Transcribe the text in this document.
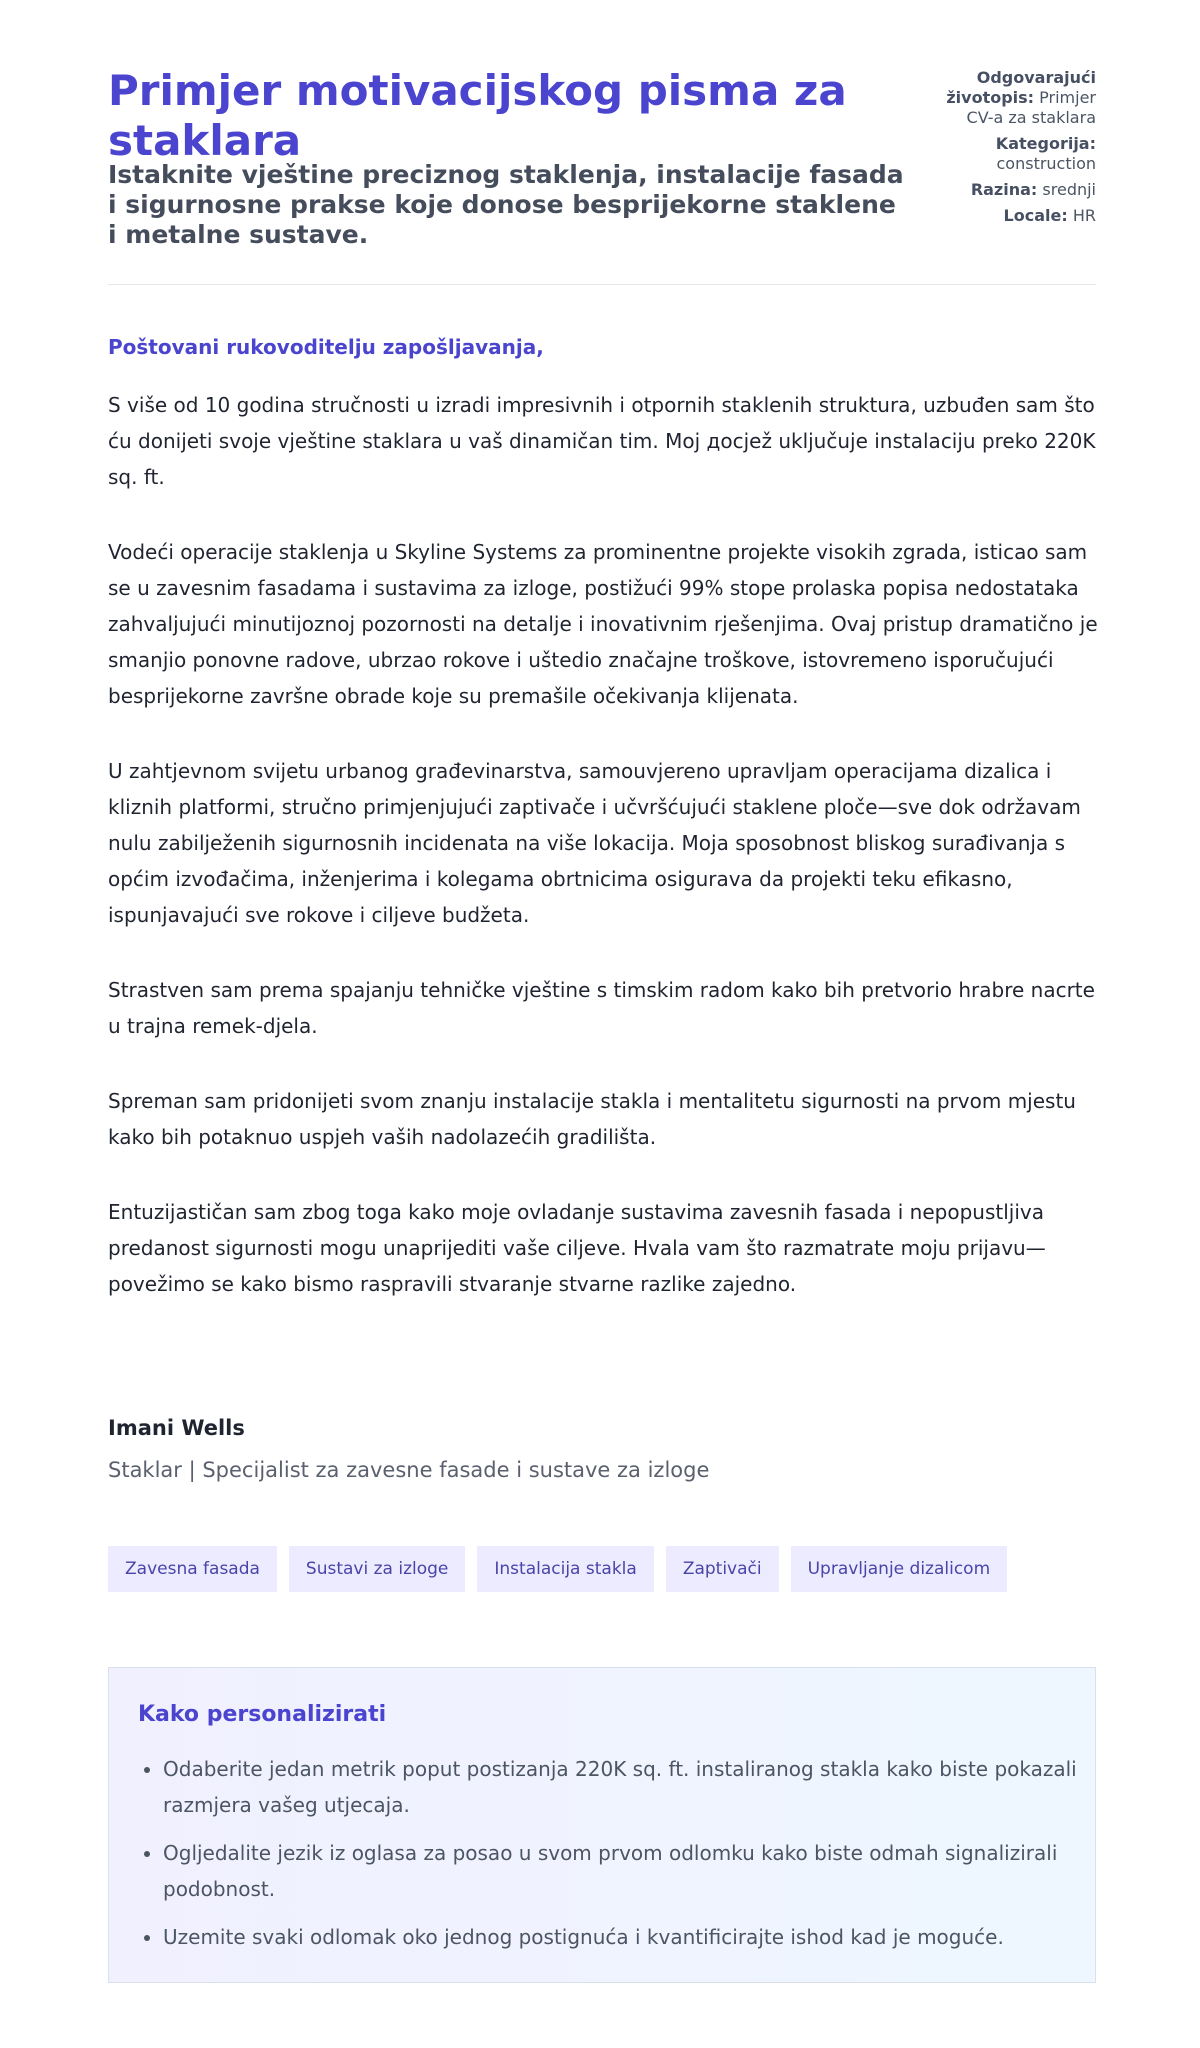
Primjer motivacijskog pisma za staklara
Istaknite vještine preciznog staklenja, instalacije fasada i sigurnosne prakse koje donose besprijekorne staklene i metalne sustave.
Odgovarajući životopis: Primjer CV-a za staklara
Kategorija:
construction
Razina: srednji
Locale: HR

Poštovani rukovoditelju zapošljavanja,

S više od 10 godina stručnosti u izradi impresivnih i otpornih staklenih struktura, uzbuđen sam što ću donijeti svoje vještine staklara u vaš dinamičan tim. Moj досjež uključuje instalaciju preko 220K sq. ft.

Vodeći operacije staklenja u Skyline Systems za prominentne projekte visokih zgrada, isticao sam se u zavesnim fasadama i sustavima za izloge, postižući 99% stope prolaska popisa nedostataka zahvaljujući minutijoznoj pozornosti na detalje i inovativnim rješenjima. Ovaj pristup dramatično je smanjio ponovne radove, ubrzao rokove i uštedio značajne troškove, istovremeno isporučujući besprijekorne završne obrade koje su premašile očekivanja klijenata.

U zahtjevnom svijetu urbanog građevinarstva, samouvjereno upravljam operacijama dizalica i kliznih platformi, stručno primjenjujući zaptivače i učvršćujući staklene ploče—sve dok održavam nulu zabilježenih sigurnosnih incidenata na više lokacija. Moja sposobnost bliskog surađivanja s općim izvođačima, inženjerima i kolegama obrtnicima osigurava da projekti teku efikasno, ispunjavajući sve rokove i ciljeve budžeta.

Strastven sam prema spajanju tehničke vještine s timskim radom kako bih pretvorio hrabre nacrte u trajna remek-djela.

Spreman sam pridonijeti svom znanju instalacije stakla i mentalitetu sigurnosti na prvom mjestu kako bih potaknuo uspjeh vaših nadolazećih gradilišta.

Entuzijastičan sam zbog toga kako moje ovladanje sustavima zavesnih fasada i nepopustljiva predanost sigurnosti mogu unaprijediti vaše ciljeve. Hvala vam što razmatrate moju prijavu—povežimo se kako bismo raspravili stvaranje stvarne razlike zajedno.

Imani Wells
Staklar | Specijalist za zavesne fasade i sustave za izloge
Zavesna fasada	Sustavi za izloge	Instalacija stakla	Zaptivači	Upravljanje dizalicom
Kako personalizirati
• Odaberite jedan metrik poput postizanja 220K sq. ft. instaliranog stakla kako biste pokazali razmjera vašeg utjecaja.
• Ogljedalite jezik iz oglasa za posao u svom prvom odlomku kako biste odmah signalizirali podobnost.
• Uzemite svaki odlomak oko jednog postignuća i kvantificirajte ishod kad je moguće.
